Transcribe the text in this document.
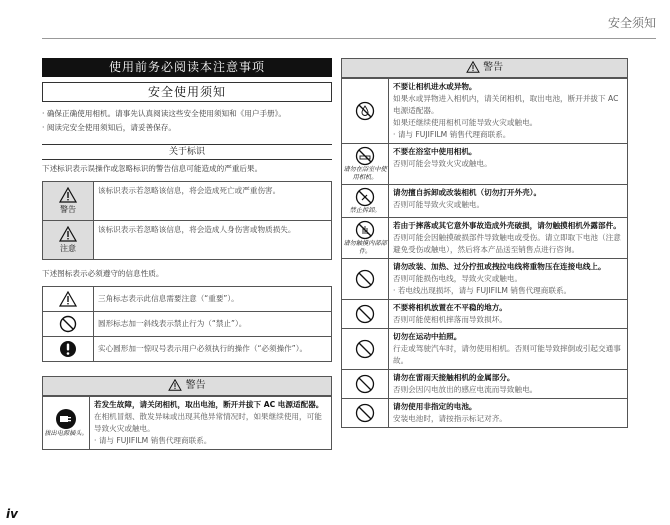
安全须知
使用前务必阅读本注意事项
安全使用须知
· 确保正确使用相机。请事先认真阅读这些安全使用须知和《用户手册》。
· 阅读完安全使用须知后，请妥善保存。
关于标识
下述标识表示误操作或忽略标识的警告信息可能造成的严重后果。
警告	该标识表示若忽略该信息，将会造成死亡或严重伤害。

注意	该标识表示若忽略该信息，将会造成人身伤害或物质损失。
下述图标表示必须遵守的信息性质。
	三角标志表示此信息需要注意（“重要”）。
	圆形标志加一斜线表示禁止行为（“禁止”）。
	实心圆形加一惊叹号表示用户必须执行的操作（“必须操作”）。
警告
拔出电源插头。

若发生故障，请关闭相机，取出电池，断开并拔下 AC 电源适配器。
在相机冒烟、散发异味或出现其他异常情况时，如果继续使用，可能导致火灾或触电。
· 请与 FUJIFILM 销售代理商联系。
警告

不要让相机进水或异物。
如果水或异物进入相机内，请关闭相机，取出电池，断开并拔下 AC 电源适配器。
如果还继续使用相机可能导致火灾或触电。
· 请与 FUJIFILM 销售代理商联系。

请勿在浴室中使用相机。	不要在浴室中使用相机。
否则可能会导致火灾或触电。

禁止拆卸。	请勿擅自拆卸或改装相机（切勿打开外壳）。
否则可能导致火灾或触电。

请勿触摸内部部件。	若由于摔落或其它意外事故造成外壳破损，请勿触摸相机外露部件。
否则可能会因触摸破损部件导致触电或受伤。请立即取下电池（注意避免受伤或触电），然后将本产品送至销售点进行咨询。

请勿改装、加热、过分拧扭或拽拉电线将重物压在连接电线上。
否则可能损伤电线，导致火灾或触电。
· 若电线出现损坏，请与 FUJIFILM 销售代理商联系。

不要将相机放置在不平稳的地方。
否则可能使相机摔落而导致损坏。

切勿在运动中拍照。
行走或驾驶汽车时，请勿使用相机。否则可能导致摔倒或引起交通事故。

请勿在雷雨天接触相机的金属部分。
否则会因闪电放出的感应电流而导致触电。

请勿使用非指定的电池。
安装电池时，请按指示标记对齐。
iv
